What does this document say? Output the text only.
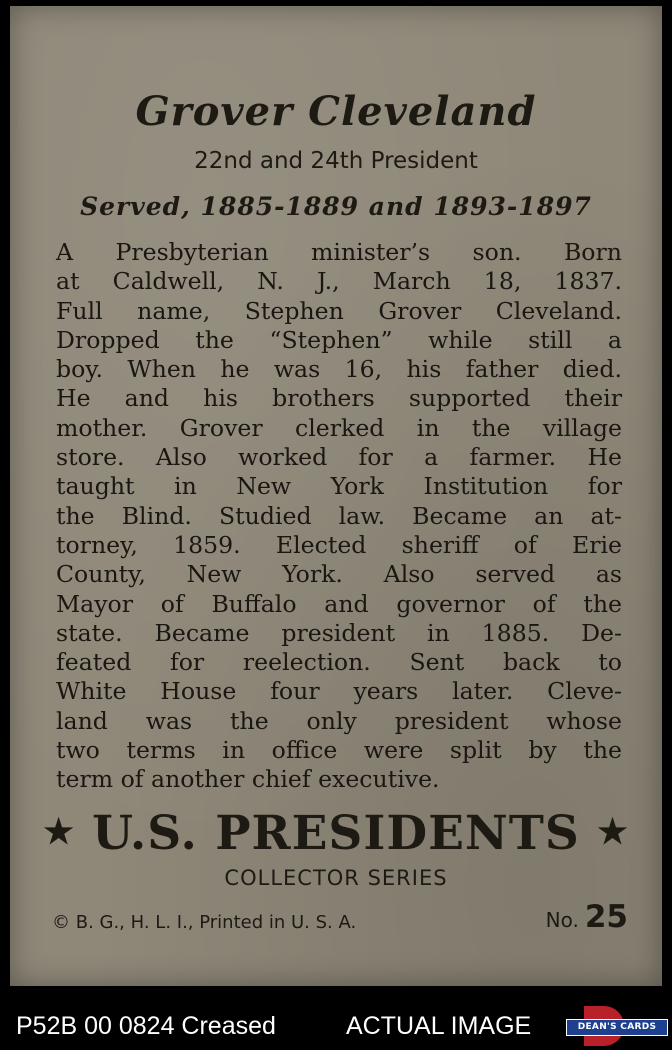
Grover Cleveland
22nd and 24th President
Served, 1885-1889 and 1893-1897
A Presbyterian minister’s son. Born
at Caldwell, N. J., March 18, 1837.
Full name, Stephen Grover Cleveland.
Dropped the “Stephen” while still a
boy. When he was 16, his father died.
He and his brothers supported their
mother. Grover clerked in the village
store. Also worked for a farmer. He
taught in New York Institution for
the Blind. Studied law. Became an at-
torney, 1859. Elected sheriff of Erie
County, New York. Also served as
Mayor of Buffalo and governor of the
state. Became president in 1885. De-
feated for reelection. Sent back to
White House four years later. Cleve-
land was the only president whose
two terms in office were split by the
term of another chief executive.
★ U.S. PRESIDENTS ★
COLLECTOR SERIES
© B. G., H. L. I., Printed in U. S. A.	No. 25
P52B 00 0824 Creased	ACTUAL IMAGE	DEAN'S CARDS
